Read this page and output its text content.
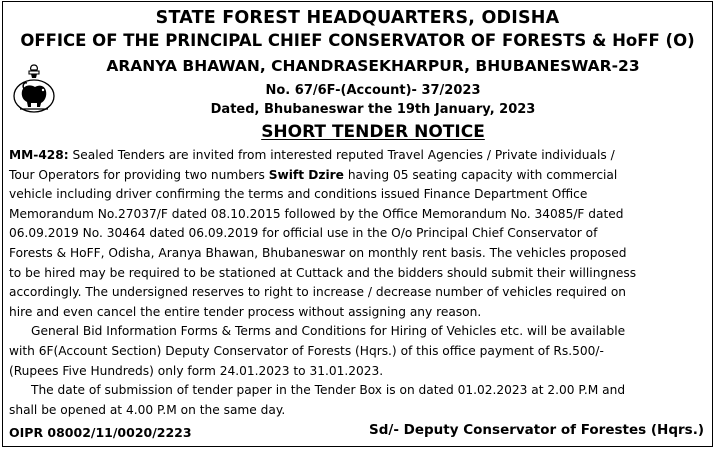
STATE FOREST HEADQUARTERS, ODISHA
OFFICE OF THE PRINCIPAL CHIEF CONSERVATOR OF FORESTS & HoFF (O)
ARANYA BHAWAN, CHANDRASEKHARPUR, BHUBANESWAR-23
No. 67/6F-(Account)- 37/2023
Dated, Bhubaneswar the 19th January, 2023
SHORT TENDER NOTICE
MM-428: Sealed Tenders are invited from interested reputed Travel Agencies / Private individuals /
Tour Operators for providing two numbers Swift Dzire having 05 seating capacity with commercial
vehicle including driver confirming the terms and conditions issued Finance Department Office
Memorandum No.27037/F dated 08.10.2015 followed by the Office Memorandum No. 34085/F dated
06.09.2019 No. 30464 dated 06.09.2019 for official use in the O/o Principal Chief Conservator of
Forests & HoFF, Odisha, Aranya Bhawan, Bhubaneswar on monthly rent basis. The vehicles proposed
to be hired may be required to be stationed at Cuttack and the bidders should submit their willingness
accordingly. The undersigned reserves to right to increase / decrease number of vehicles required on
hire and even cancel the entire tender process without assigning any reason.
General Bid Information Forms & Terms and Conditions for Hiring of Vehicles etc. will be available
with 6F(Account Section) Deputy Conservator of Forests (Hqrs.) of this office payment of Rs.500/-
(Rupees Five Hundreds) only form 24.01.2023 to 31.01.2023.
The date of submission of tender paper in the Tender Box is on dated 01.02.2023 at 2.00 P.M and
shall be opened at 4.00 P.M on the same day.
OIPR 08002/11/0020/2223	Sd/- Deputy Conservator of Forestes (Hqrs.)
